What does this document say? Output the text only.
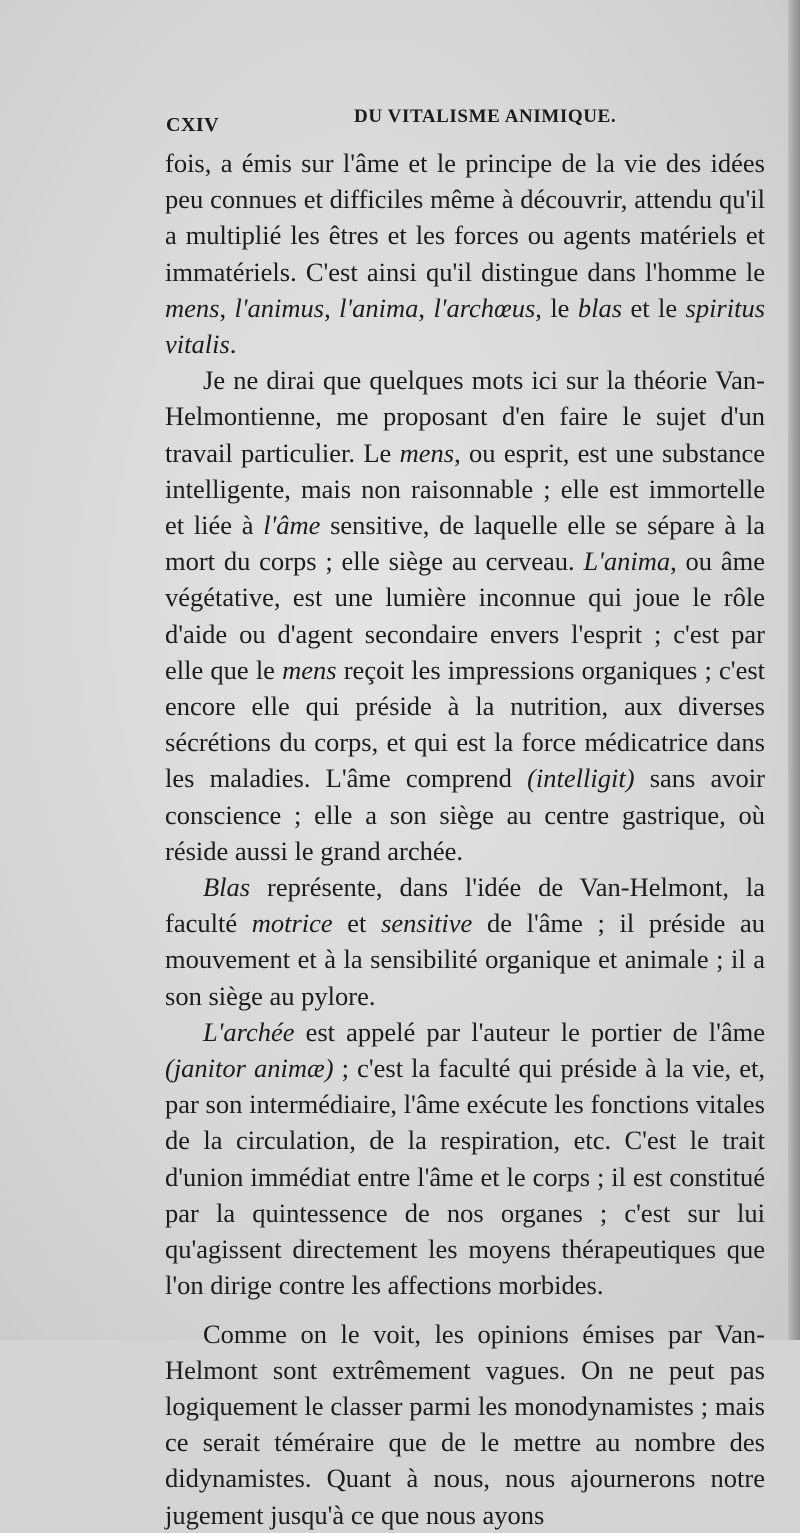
CXIV	DU VITALISME ANIMIQUE.

fois, a émis sur l'âme et le principe de la vie des idées peu connues et difficiles même à découvrir, attendu qu'il a multiplié les êtres et les forces ou agents matériels et immatériels. C'est ainsi qu'il distingue dans l'homme le mens, l'animus, l'anima, l'archœus, le blas et le spiritus vitalis.

Je ne dirai que quelques mots ici sur la théorie Van-Helmontienne, me proposant d'en faire le sujet d'un travail particulier. Le mens, ou esprit, est une substance intelligente, mais non raisonnable ; elle est immortelle et liée à l'âme sensitive, de laquelle elle se sépare à la mort du corps ; elle siège au cerveau. L'anima, ou âme végétative, est une lumière inconnue qui joue le rôle d'aide ou d'agent secondaire envers l'esprit ; c'est par elle que le mens reçoit les impressions organiques ; c'est encore elle qui préside à la nutrition, aux diverses sécrétions du corps, et qui est la force médicatrice dans les maladies. L'âme comprend (intelligit) sans avoir conscience ; elle a son siège au centre gastrique, où réside aussi le grand archée.

Blas représente, dans l'idée de Van-Helmont, la faculté motrice et sensitive de l'âme ; il préside au mouvement et à la sensibilité organique et animale ; il a son siège au pylore.

L'archée est appelé par l'auteur le portier de l'âme (janitor animæ) ; c'est la faculté qui préside à la vie, et, par son intermédiaire, l'âme exécute les fonctions vitales de la circulation, de la respiration, etc. C'est le trait d'union immédiat entre l'âme et le corps ; il est constitué par la quintessence de nos organes ; c'est sur lui qu'agissent directement les moyens thérapeutiques que l'on dirige contre les affections morbides.

Comme on le voit, les opinions émises par Van-Helmont sont extrêmement vagues. On ne peut pas logiquement le classer parmi les monodynamistes ; mais ce serait téméraire que de le mettre au nombre des didynamistes. Quant à nous, nous ajournerons notre jugement jusqu'à ce que nous ayons
